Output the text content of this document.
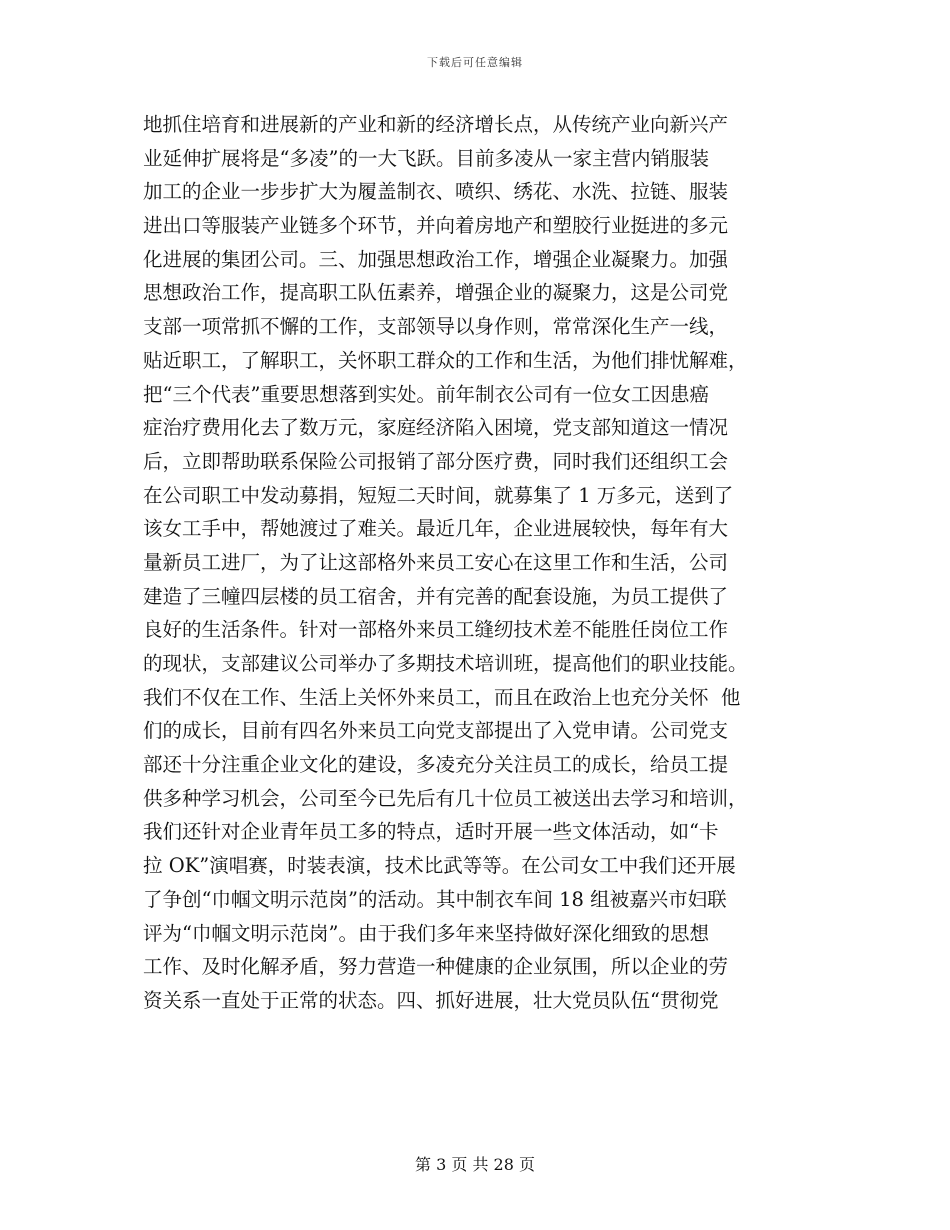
下载后可任意编辑
地抓住培育和进展新的产业和新的经济增长点，从传统产业向新兴产
业延伸扩展将是“多凌”的一大飞跃。目前多凌从一家主营内销服装
加工的企业一步步扩大为履盖制衣、喷织、绣花、水洗、拉链、服装
进出口等服装产业链多个环节，并向着房地产和塑胶行业挺进的多元
化进展的集团公司。三、加强思想政治工作，增强企业凝聚力。加强
思想政治工作，提高职工队伍素养，增强企业的凝聚力，这是公司党
支部一项常抓不懈的工作，支部领导以身作则，常常深化生产一线，
贴近职工，了解职工，关怀职工群众的工作和生活，为他们排忧解难，
把“三个代表”重要思想落到实处。前年制衣公司有一位女工因患癌
症治疗费用化去了数万元，家庭经济陷入困境，党支部知道这一情况
后，立即帮助联系保险公司报销了部分医疗费，同时我们还组织工会
在公司职工中发动募捐，短短二天时间，就募集了 1 万多元，送到了
该女工手中，帮她渡过了难关。最近几年，企业进展较快，每年有大
量新员工进厂，为了让这部格外来员工安心在这里工作和生活，公司
建造了三幢四层楼的员工宿舍，并有完善的配套设施，为员工提供了
良好的生活条件。针对一部格外来员工缝纫技术差不能胜任岗位工作
的现状，支部建议公司举办了多期技术培训班，提高他们的职业技能。
我们不仅在工作、生活上关怀外来员工，而且在政治上也充分关怀  他
们的成长，目前有四名外来员工向党支部提出了入党申请。公司党支
部还十分注重企业文化的建设，多凌充分关注员工的成长，给员工提
供多种学习机会，公司至今已先后有几十位员工被送出去学习和培训，
我们还针对企业青年员工多的特点，适时开展一些文体活动，如“卡
拉 OK”演唱赛，时装表演，技术比武等等。在公司女工中我们还开展
了争创“巾帼文明示范岗”的活动。其中制衣车间 18 组被嘉兴市妇联
评为“巾帼文明示范岗”。由于我们多年来坚持做好深化细致的思想
工作、及时化解矛盾，努力营造一种健康的企业氛围，所以企业的劳
资关系一直处于正常的状态。四、抓好进展，壮大党员队伍“贯彻党
第 3 页 共 28 页
